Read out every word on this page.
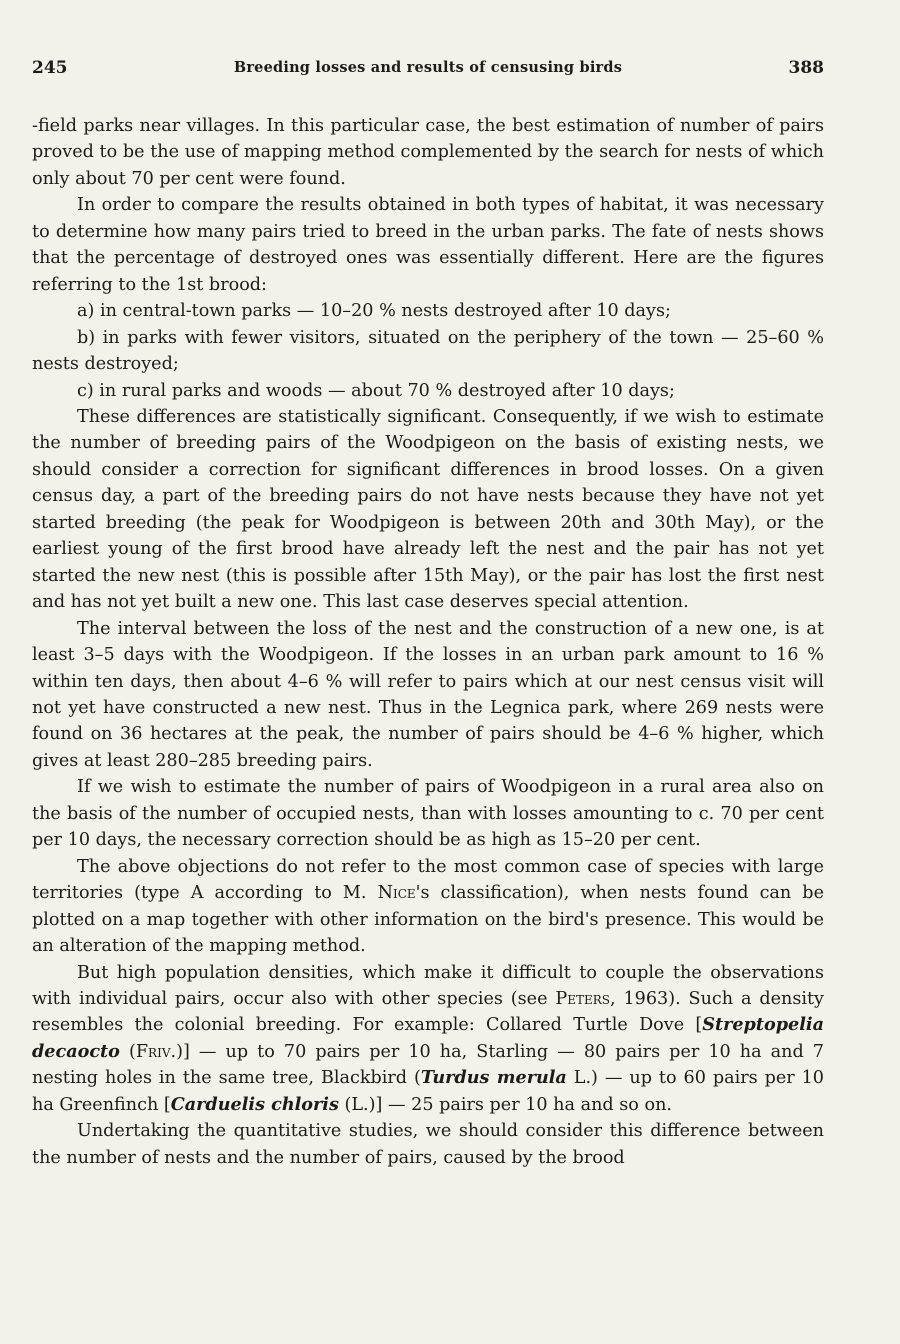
245	Breeding losses and results of censusing birds	388

-field parks near villages. In this particular case, the best estimation of number of pairs proved to be the use of mapping method complemented by the search for nests of which only about 70 per cent were found.

In order to compare the results obtained in both types of habitat, it was necessary to determine how many pairs tried to breed in the urban parks. The fate of nests shows that the percentage of destroyed ones was essentially different. Here are the figures referring to the 1st brood:

a) in central-town parks — 10–20 % nests destroyed after 10 days;

b) in parks with fewer visitors, situated on the periphery of the town — 25–60 % nests destroyed;

c) in rural parks and woods — about 70 % destroyed after 10 days;

These differences are statistically significant. Consequently, if we wish to estimate the number of breeding pairs of the Woodpigeon on the basis of existing nests, we should consider a correction for significant differences in brood losses. On a given census day, a part of the breeding pairs do not have nests because they have not yet started breeding (the peak for Woodpigeon is between 20th and 30th May), or the earliest young of the first brood have already left the nest and the pair has not yet started the new nest (this is possible after 15th May), or the pair has lost the first nest and has not yet built a new one. This last case deserves special attention.

The interval between the loss of the nest and the construction of a new one, is at least 3–5 days with the Woodpigeon. If the losses in an urban park amount to 16 % within ten days, then about 4–6 % will refer to pairs which at our nest census visit will not yet have constructed a new nest. Thus in the Legnica park, where 269 nests were found on 36 hectares at the peak, the number of pairs should be 4–6 % higher, which gives at least 280–285 breeding pairs.

If we wish to estimate the number of pairs of Woodpigeon in a rural area also on the basis of the number of occupied nests, than with losses amounting to c. 70 per cent per 10 days, the necessary correction should be as high as 15–20 per cent.

The above objections do not refer to the most common case of species with large territories (type A according to M. Nice's classification), when nests found can be plotted on a map together with other information on the bird's presence. This would be an alteration of the mapping method.

But high population densities, which make it difficult to couple the observations with individual pairs, occur also with other species (see Peters, 1963). Such a density resembles the colonial breeding. For example: Collared Turtle Dove [Streptopelia decaocto (Friv.)] — up to 70 pairs per 10 ha, Starling — 80 pairs per 10 ha and 7 nesting holes in the same tree, Blackbird (Turdus merula L.) — up to 60 pairs per 10 ha Greenfinch [Carduelis chloris (L.)] — 25 pairs per 10 ha and so on.

Undertaking the quantitative studies, we should consider this difference between the number of nests and the number of pairs, caused by the brood
